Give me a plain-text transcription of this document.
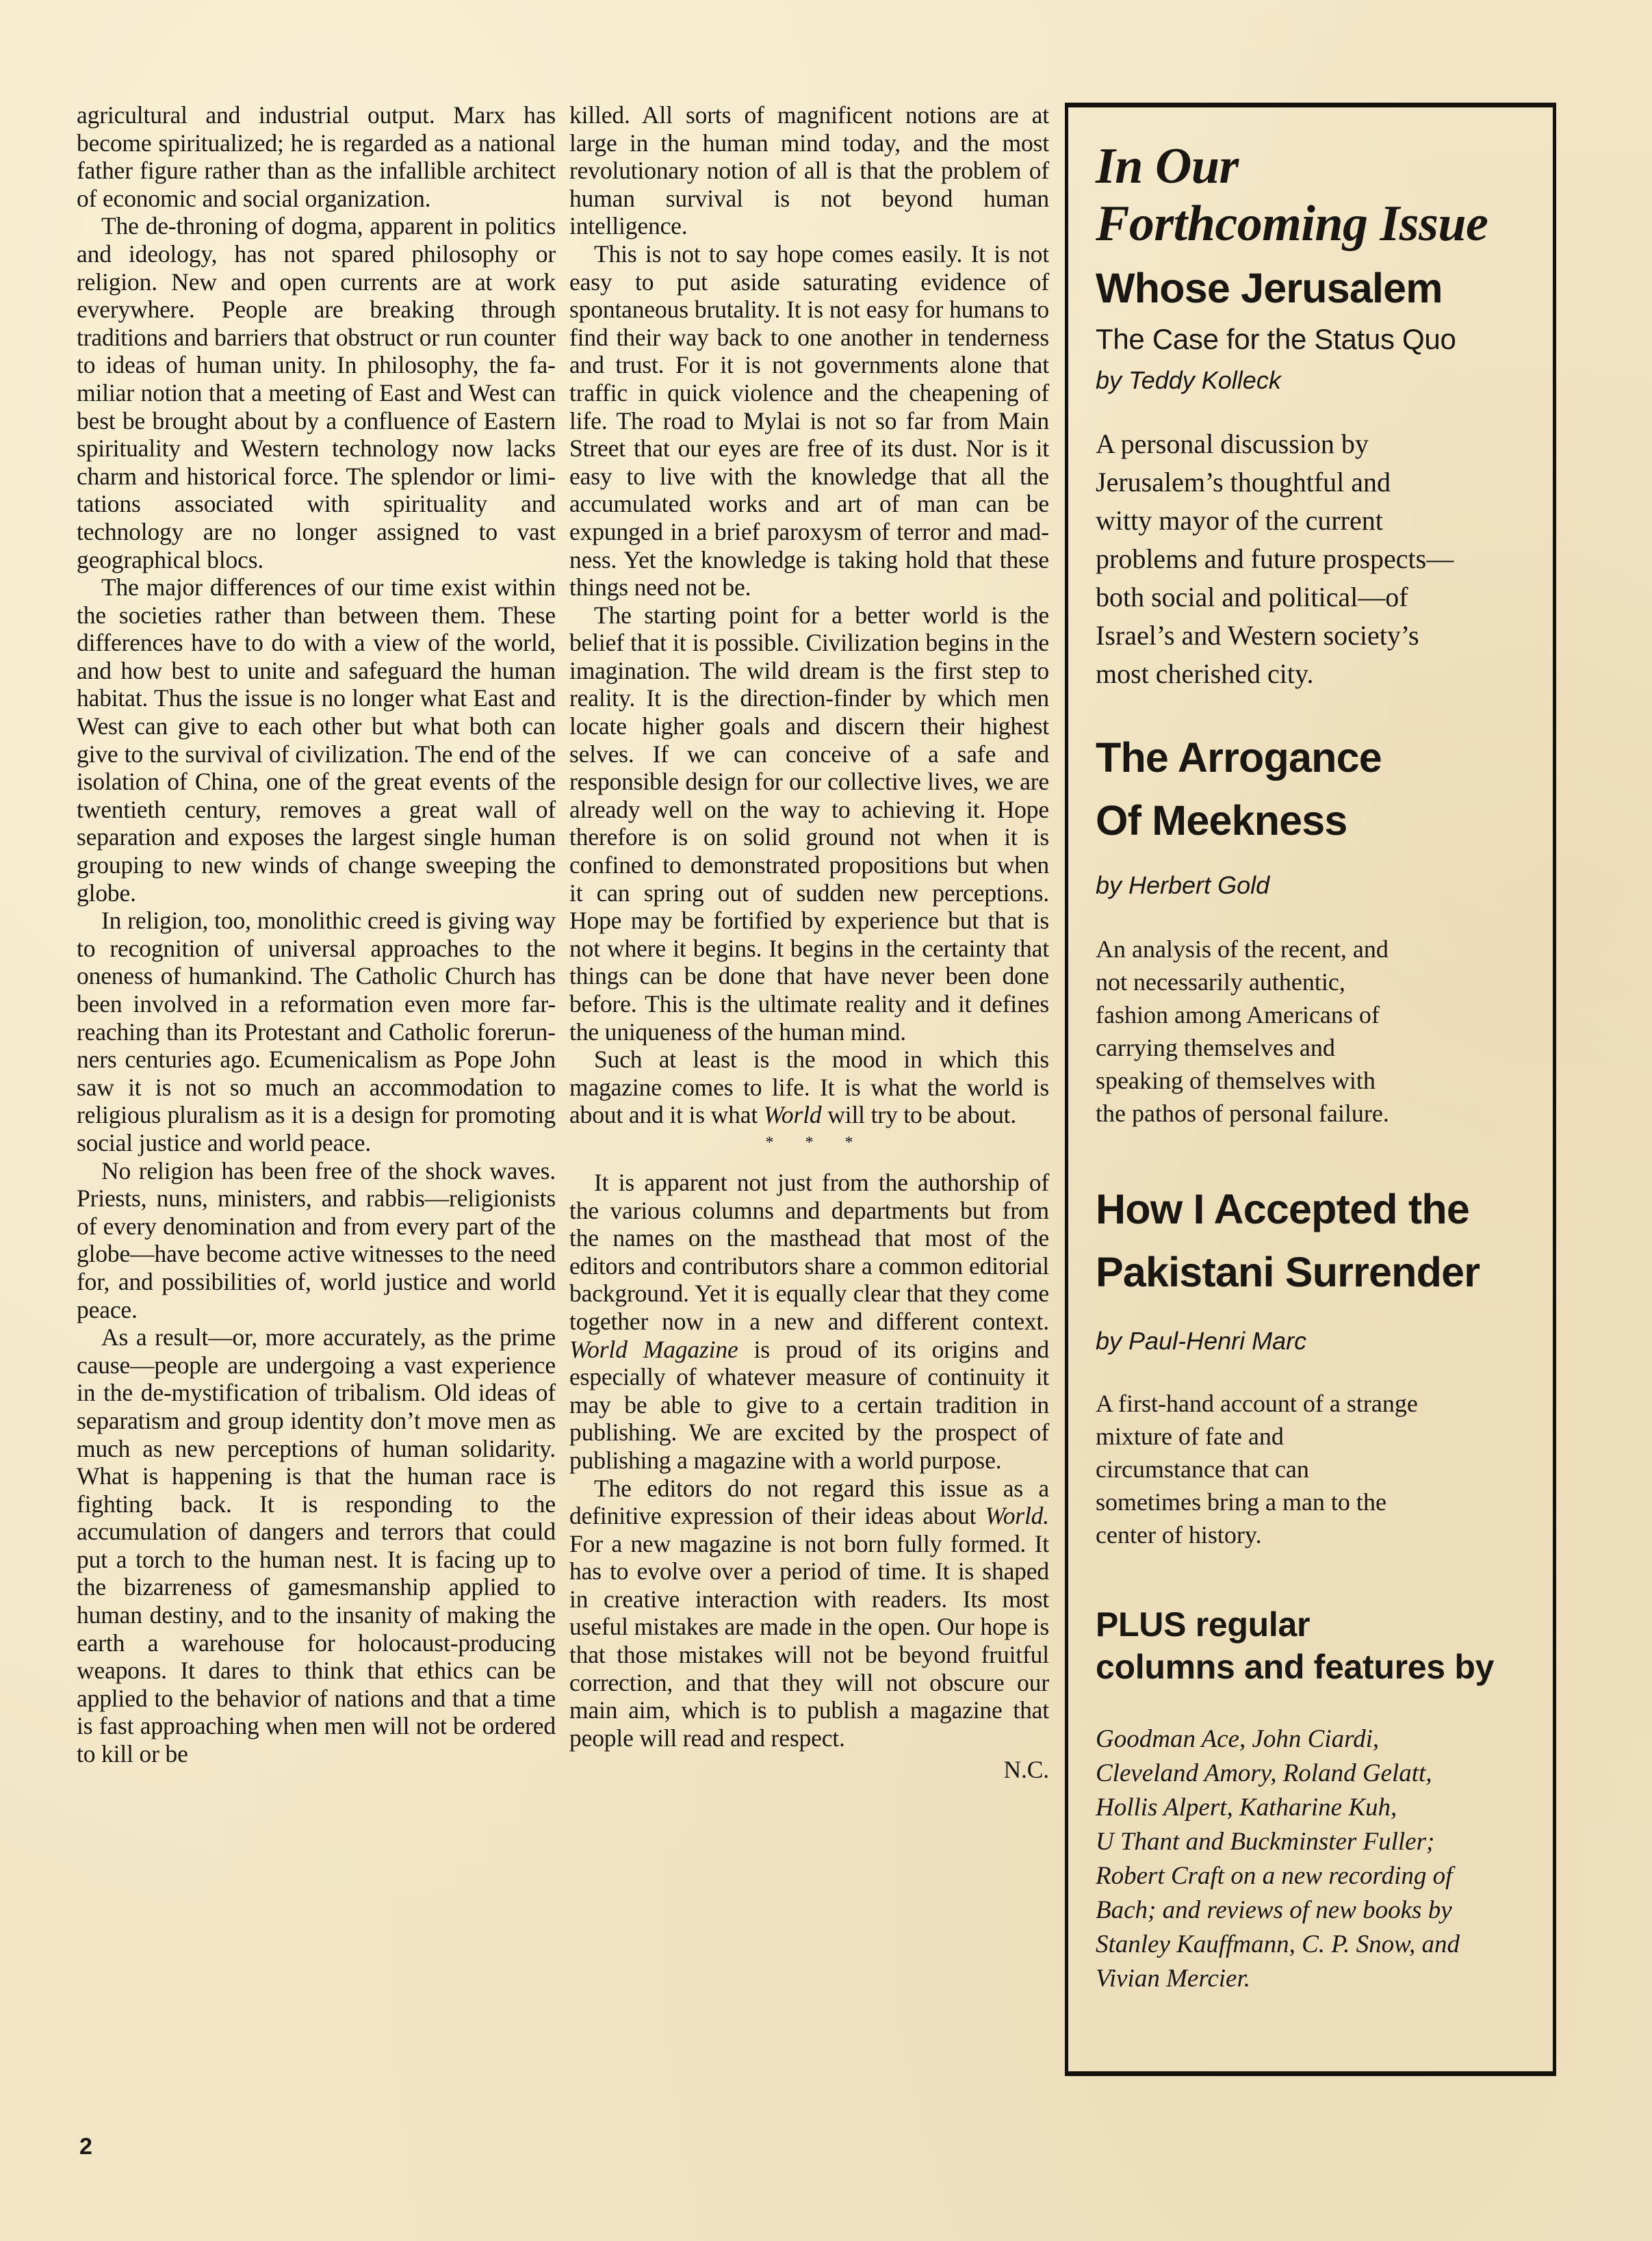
agricultural and industrial output. Marx has become spiritualized; he is regarded as a national father figure rather than as the infallible architect of economic and social organization.

The de-throning of dogma, apparent in politics and ideology, has not spared philosophy or religion. New and open currents are at work everywhere. People are breaking through traditions and barriers that obstruct or run counter to ideas of human unity. In philosophy, the familiar notion that a meeting of East and West can best be brought about by a confluence of Eastern spirituality and Western technology now lacks charm and historical force. The splendor or limitations associated with spirituality and technology are no longer assigned to vast geographical blocs.

The major differences of our time exist within the societies rather than between them. These differences have to do with a view of the world, and how best to unite and safeguard the human habitat. Thus the issue is no longer what East and West can give to each other but what both can give to the survival of civilization. The end of the isolation of China, one of the great events of the twentieth century, removes a great wall of separation and exposes the largest single human grouping to new winds of change sweeping the globe.

In religion, too, monolithic creed is giving way to recognition of universal approaches to the oneness of humankind. The Catholic Church has been involved in a reformation even more far-reaching than its Protestant and Catholic forerunners centuries ago. Ecumenicalism as Pope John saw it is not so much an accommodation to religious pluralism as it is a design for promoting social justice and world peace.

No religion has been free of the shock waves. Priests, nuns, ministers, and rabbis—religionists of every denomination and from every part of the globe—have become active witnesses to the need for, and possibilities of, world justice and world peace.

As a result—or, more accurately, as the prime cause—people are undergoing a vast experience in the de-mystification of tribalism. Old ideas of separatism and group identity don’t move men as much as new perceptions of human solidarity. What is happening is that the human race is fighting back. It is responding to the accumulation of dangers and terrors that could put a torch to the human nest. It is facing up to the bizarreness of gamesmanship applied to human destiny, and to the insanity of making the earth a warehouse for holocaust-producing weapons. It dares to think that ethics can be applied to the behavior of nations and that a time is fast approaching when men will not be ordered to kill or be

killed. All sorts of magnificent notions are at large in the human mind today, and the most revolutionary notion of all is that the problem of human survival is not beyond human intelligence.

This is not to say hope comes easily. It is not easy to put aside saturating evidence of spontaneous brutality. It is not easy for humans to find their way back to one another in tenderness and trust. For it is not governments alone that traffic in quick violence and the cheapening of life. The road to Mylai is not so far from Main Street that our eyes are free of its dust. Nor is it easy to live with the knowledge that all the accumulated works and art of man can be expunged in a brief paroxysm of terror and madness. Yet the knowledge is taking hold that these things need not be.

The starting point for a better world is the belief that it is possible. Civilization begins in the imagination. The wild dream is the first step to reality. It is the direction-finder by which men locate higher goals and discern their highest selves. If we can conceive of a safe and responsible design for our collective lives, we are already well on the way to achieving it. Hope therefore is on solid ground not when it is confined to demonstrated propositions but when it can spring out of sudden new perceptions. Hope may be fortified by experience but that is not where it begins. It begins in the certainty that things can be done that have never been done before. This is the ultimate reality and it defines the uniqueness of the human mind.

Such at least is the mood in which this magazine comes to life. It is what the world is about and it is what World will try to be about.

***

It is apparent not just from the authorship of the various columns and departments but from the names on the masthead that most of the editors and contributors share a common editorial background. Yet it is equally clear that they come together now in a new and different context. World Magazine is proud of its origins and especially of whatever measure of continuity it may be able to give to a certain tradition in publishing. We are excited by the prospect of publishing a magazine with a world purpose.

The editors do not regard this issue as a definitive expression of their ideas about World. For a new magazine is not born fully formed. It has to evolve over a period of time. It is shaped in creative interaction with readers. Its most useful mistakes are made in the open. Our hope is that those mistakes will not be beyond fruitful correction, and that they will not obscure our main aim, which is to publish a magazine that people will read and respect.

N.C.
In Our
Forthcoming Issue
Whose Jerusalem
The Case for the Status Quo
by Teddy Kolleck
A personal discussion by
Jerusalem’s thoughtful and
witty mayor of the current
problems and future prospects—
both social and political—of
Israel’s and Western society’s
most cherished city.
The Arrogance
Of Meekness
by Herbert Gold
An analysis of the recent, and
not necessarily authentic,
fashion among Americans of
carrying themselves and
speaking of themselves with
the pathos of personal failure.
How I Accepted the
Pakistani Surrender
by Paul-Henri Marc
A first-hand account of a strange
mixture of fate and
circumstance that can
sometimes bring a man to the
center of history.
PLUS regular
columns and features by
Goodman Ace, John Ciardi,
Cleveland Amory, Roland Gelatt,
Hollis Alpert, Katharine Kuh,
U Thant and Buckminster Fuller;
Robert Craft on a new recording of
Bach; and reviews of new books by
Stanley Kauffmann, C. P. Snow, and
Vivian Mercier.
2
